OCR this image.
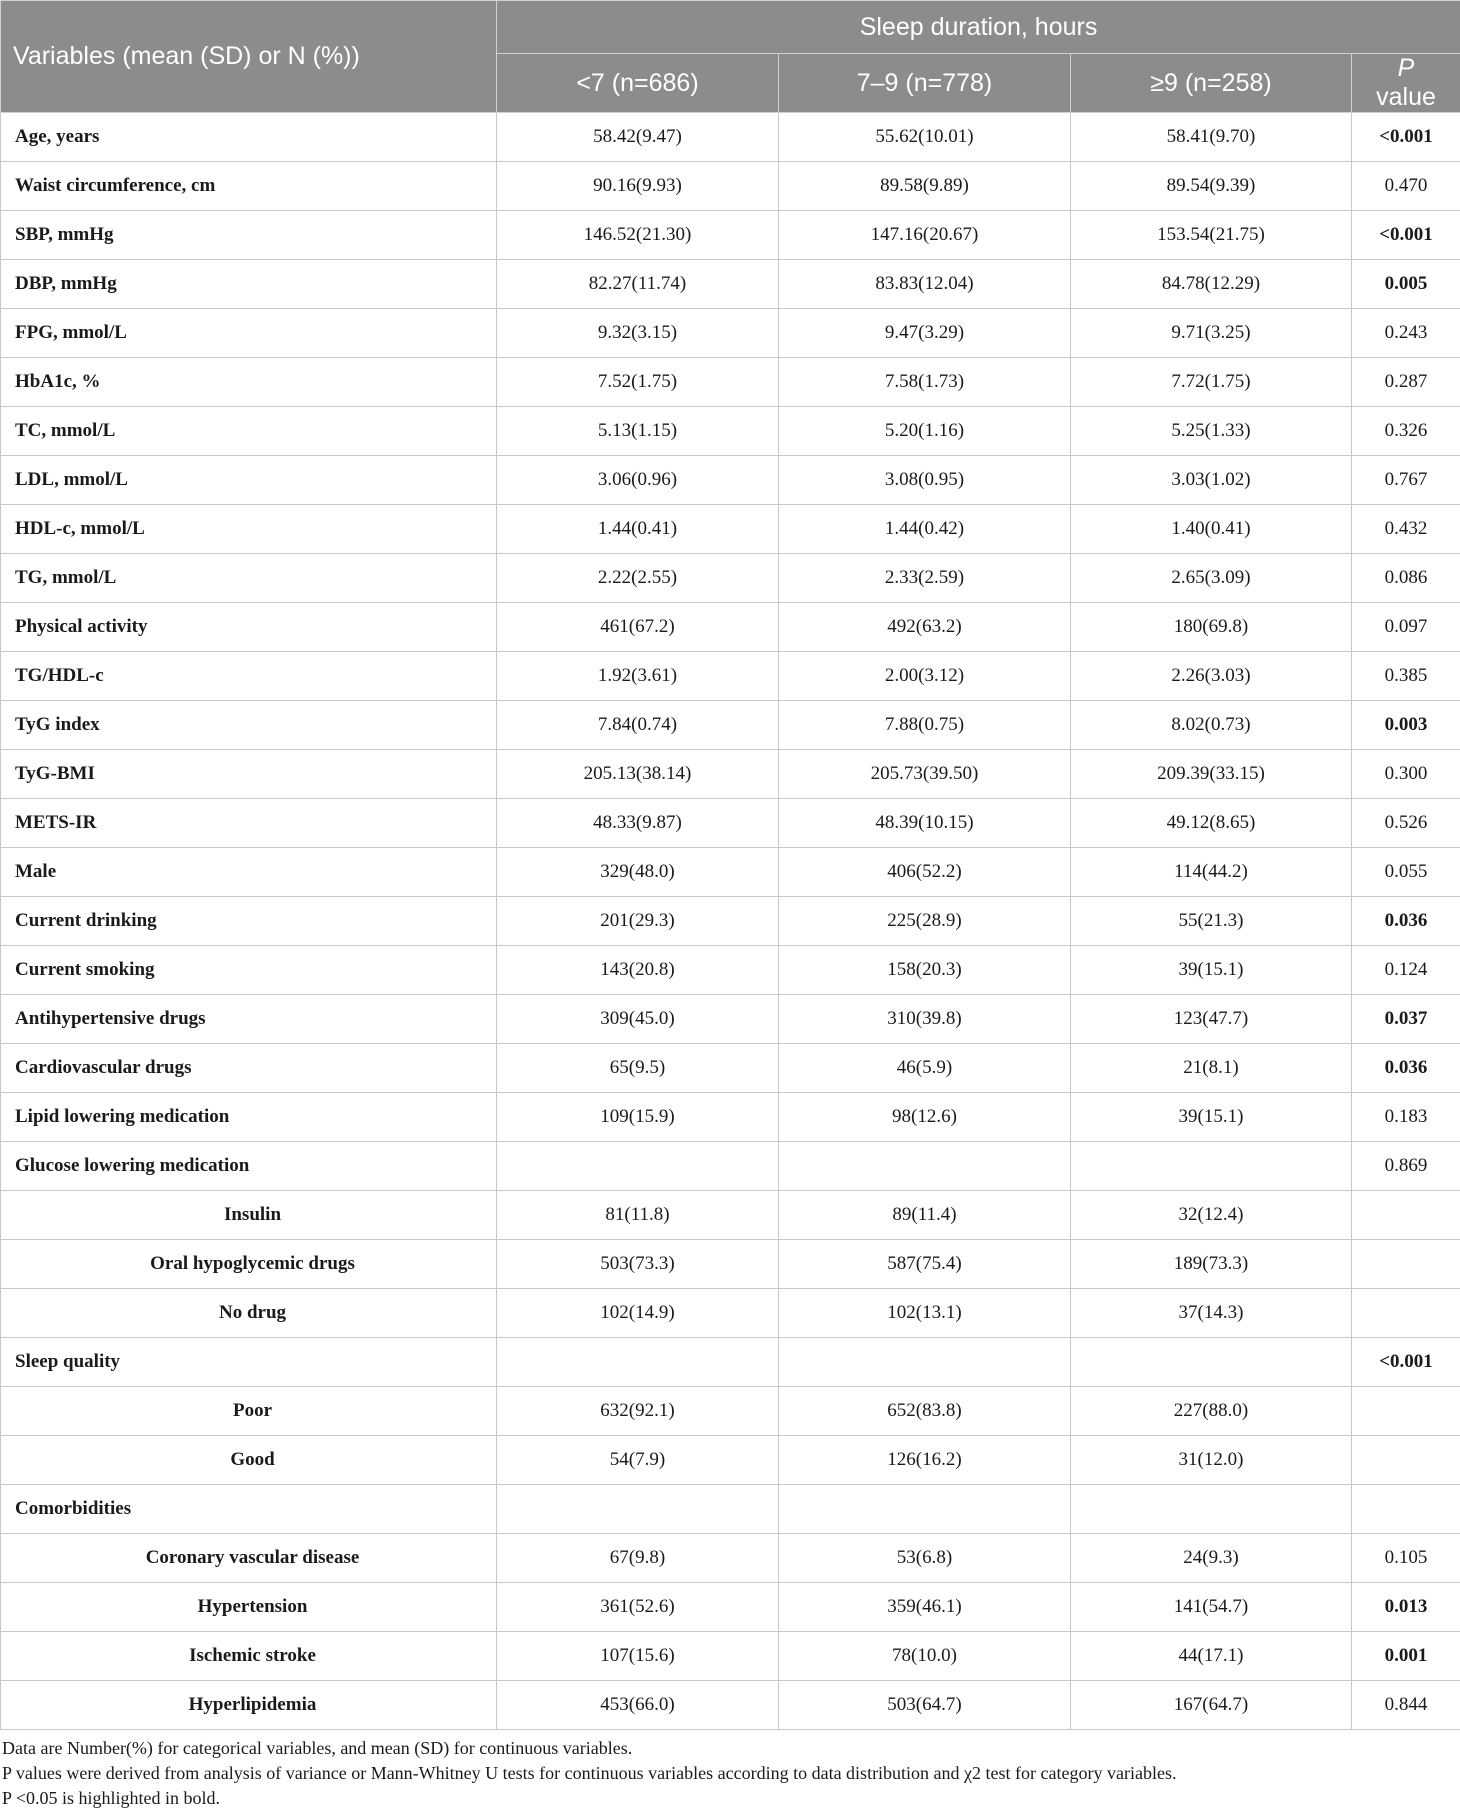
Variables (mean (SD) or N (%))	Sleep duration, hours			
	<7 (n=686)	7–9 (n=778)	≥9 (n=258)	P value
Age, years	58.42(9.47)	55.62(10.01)	58.41(9.70)	<0.001
Waist circumference, cm	90.16(9.93)	89.58(9.89)	89.54(9.39)	0.470
SBP, mmHg	146.52(21.30)	147.16(20.67)	153.54(21.75)	<0.001
DBP, mmHg	82.27(11.74)	83.83(12.04)	84.78(12.29)	0.005
FPG, mmol/L	9.32(3.15)	9.47(3.29)	9.71(3.25)	0.243
HbA1c, %	7.52(1.75)	7.58(1.73)	7.72(1.75)	0.287
TC, mmol/L	5.13(1.15)	5.20(1.16)	5.25(1.33)	0.326
LDL, mmol/L	3.06(0.96)	3.08(0.95)	3.03(1.02)	0.767
HDL-c, mmol/L	1.44(0.41)	1.44(0.42)	1.40(0.41)	0.432
TG, mmol/L	2.22(2.55)	2.33(2.59)	2.65(3.09)	0.086
Physical activity	461(67.2)	492(63.2)	180(69.8)	0.097
TG/HDL-c	1.92(3.61)	2.00(3.12)	2.26(3.03)	0.385
TyG index	7.84(0.74)	7.88(0.75)	8.02(0.73)	0.003
TyG-BMI	205.13(38.14)	205.73(39.50)	209.39(33.15)	0.300
METS-IR	48.33(9.87)	48.39(10.15)	49.12(8.65)	0.526
Male	329(48.0)	406(52.2)	114(44.2)	0.055
Current drinking	201(29.3)	225(28.9)	55(21.3)	0.036
Current smoking	143(20.8)	158(20.3)	39(15.1)	0.124
Antihypertensive drugs	309(45.0)	310(39.8)	123(47.7)	0.037
Cardiovascular drugs	65(9.5)	46(5.9)	21(8.1)	0.036
Lipid lowering medication	109(15.9)	98(12.6)	39(15.1)	0.183
Glucose lowering medication				0.869
Insulin	81(11.8)	89(11.4)	32(12.4)	
Oral hypoglycemic drugs	503(73.3)	587(75.4)	189(73.3)	
No drug	102(14.9)	102(13.1)	37(14.3)	
Sleep quality				<0.001
Poor	632(92.1)	652(83.8)	227(88.0)	
Good	54(7.9)	126(16.2)	31(12.0)	
Comorbidities				
Coronary vascular disease	67(9.8)	53(6.8)	24(9.3)	0.105
Hypertension	361(52.6)	359(46.1)	141(54.7)	0.013
Ischemic stroke	107(15.6)	78(10.0)	44(17.1)	0.001
Hyperlipidemia	453(66.0)	503(64.7)	167(64.7)	0.844
Data are Number(%) for categorical variables, and mean (SD) for continuous variables.
P values were derived from analysis of variance or Mann-Whitney U tests for continuous variables according to data distribution and χ2 test for category variables.
P <0.05 is highlighted in bold.
